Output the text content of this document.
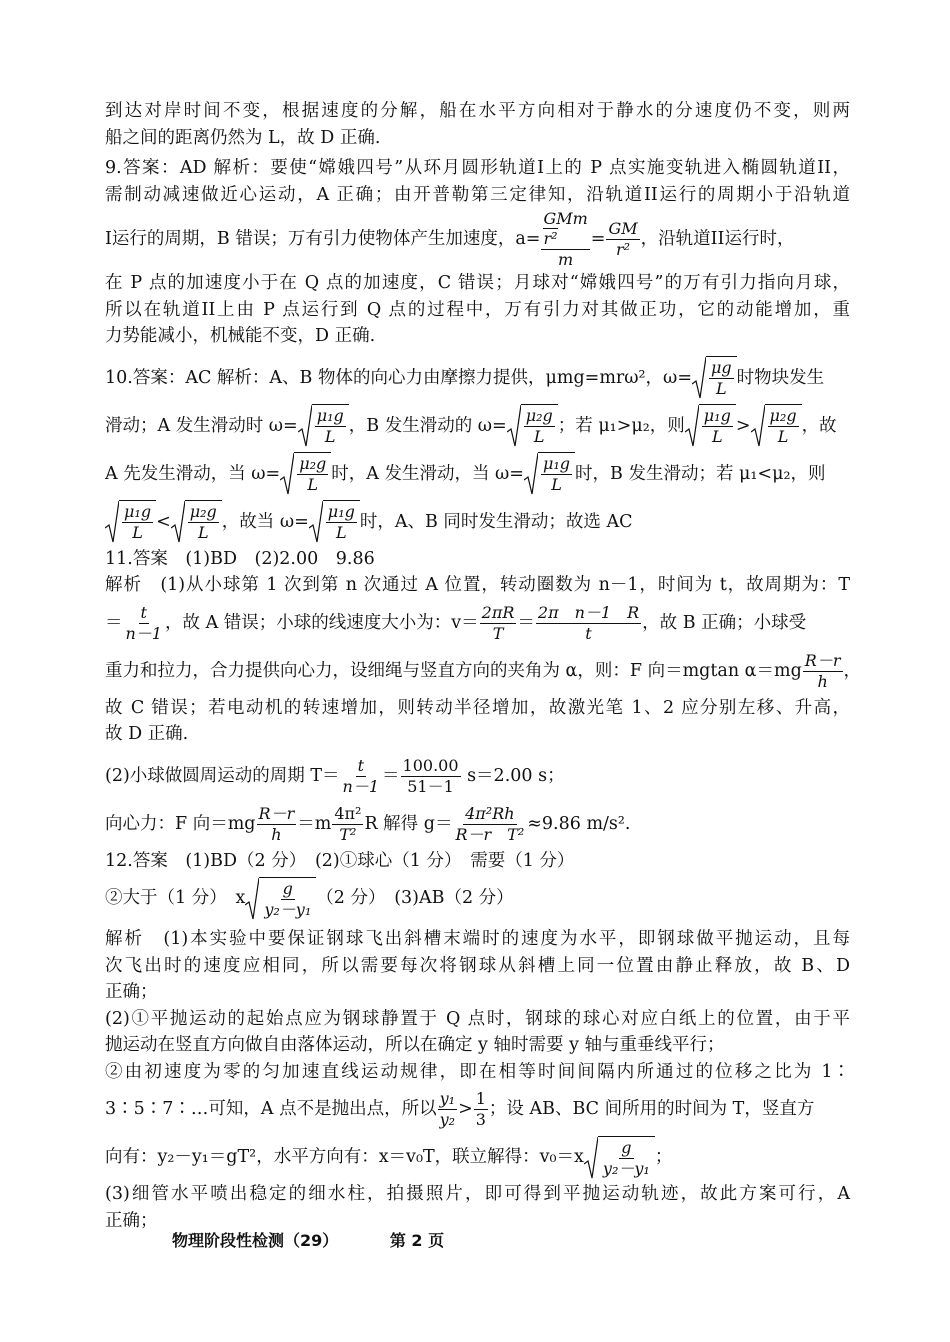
到达对岸时间不变，根据速度的分解，船在水平方向相对于静水的分速度仍不变，则两

船之间的距离仍然为 L，故 D 正确.

9.答案：AD 解析：要使“嫦娥四号”从环月圆形轨道I上的 P 点实施变轨进入椭圆轨道II，

需制动减速做近心运动，A 正确；由开普勒第三定律知，沿轨道II运行的周期小于沿轨道

I运行的周期，B 错误；万有引力使物体产生加速度，a=
GMm
r²
m
= $\frac{GM}{\text{r²}}$ ，沿轨道II运行时，

在 P 点的加速度小于在 Q 点的加速度，C 错误；月球对“嫦娥四号”的万有引力指向月球，

所以在轨道II上由 P 点运行到 Q 点的过程中，万有引力对其做正功，它的动能增加，重

力势能减小，机械能不变，D 正确.

10.答案：AC 解析：A、B 物体的向心力由摩擦力提供，μmg=mrω²，$\omega= \frac{\mu g}{L}$ 时物块发生

滑动；A 发生滑动时 $\omega= \frac{\text{μ₁g}}{L}$ ，B 发生滑动的 $\omega= \frac{\text{μ₂g}}{L}$ ；若 μ₁>μ₂，则 $\frac{\text{μ₁g}}{L} > \frac{\text{μ₂g}}{L}$ ，故

A 先发生滑动，当 $\omega= \frac{\text{μ₂g}}{L}$ 时，A 发生滑动，当 $\omega= \frac{\text{μ₁g}}{L}$ 时，B 发生滑动；若 μ₁<μ₂，则

$\frac{\text{μ₁g}}{L} < \frac{\text{μ₂g}}{L}$ ，故当 $\omega= \frac{\text{μ₁g}}{L}$ 时，A、B 同时发生滑动；故选 AC

11.答案　(1)BD　(2)2.00　9.86

解析　(1)从小球第 1 次到第 n 次通过 A 位置，转动圈数为 n－1，时间为 t，故周期为：T

＝ $\frac{t}{n-1}$ ，故 A 错误；小球的线速度大小为：$v= \frac{2\pi R}{T} = \frac{\text{2π　n－1　R}}{t}$ ，故 B 正确；小球受

重力和拉力，合力提供向心力，设细绳与竖直方向的夹角为 α，则：F 向＝mgtan $\alpha=mg \frac{R-r}{h}$ ，

故 C 错误；若电动机的转速增加，则转动半径增加，故激光笔 1、2 应分别左移、升高，

故 D 正确.

(2)小球做圆周运动的周期 $T= \frac{t}{n-1} = \frac{100.00}{51-1} s=2.00$ s；

向心力：F 向$=mg \frac{R-r}{h} =m \frac{\text{4π²}}{\text{T²}}$ R 解得 $g= \frac{\text{4π²Rh}}{\text{R－r　T²}} \approx 9.86$ m/s².

12.答案　(1)BD（2 分）　(2)①球心（1 分）　需要（1 分）

②大于（1 分）　x $\frac{g}{\text{y₂－y₁}} (2$ 分）　(3)AB（2 分）

解析　(1)本实验中要保证钢球飞出斜槽末端时的速度为水平，即钢球做平抛运动，且每

次飞出时的速度应相同，所以需要每次将钢球从斜槽上同一位置由静止释放，故 B、D

正确；

(2)①平抛运动的起始点应为钢球静置于 Q 点时，钢球的球心对应白纸上的位置，由于平

抛运动在竖直方向做自由落体运动，所以在确定 y 轴时需要 y 轴与重垂线平行；

②由初速度为零的匀加速直线运动规律，即在相等时间间隔内所通过的位移之比为 1∶

3∶5∶7∶…可知，A 点不是抛出点，所以 $\frac{\text{y₁}}{\text{y₂}} > \frac{1}{3}$ ；设 AB、BC 间所用的时间为 T，竖直方

向有：y₂－y₁＝gT²，水平方向有：x＝v₀T，联立解得：$v_0=x \frac{g}{\text{y₂－y₁}}$ ；

(3)细管水平喷出稳定的细水柱，拍摄照片，即可得到平抛运动轨迹，故此方案可行，A

正确；

物理阶段性检测（29）	第 2 页
